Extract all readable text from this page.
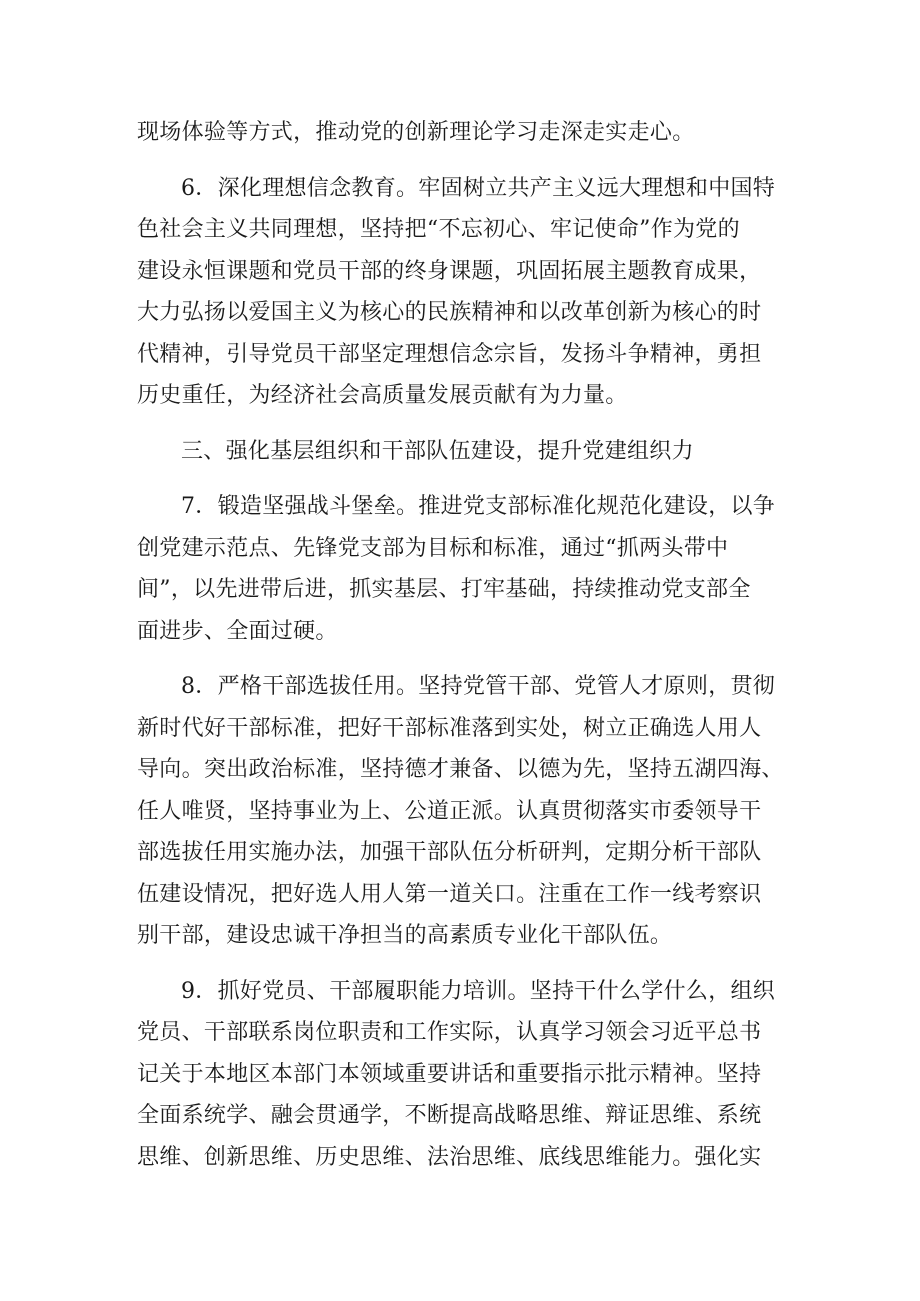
现场体验等方式，推动党的创新理论学习走深走实走心。
6．深化理想信念教育。牢固树立共产主义远大理想和中国特
色社会主义共同理想，坚持把“不忘初心、牢记使命”作为党的
建设永恒课题和党员干部的终身课题，巩固拓展主题教育成果，
大力弘扬以爱国主义为核心的民族精神和以改革创新为核心的时
代精神，引导党员干部坚定理想信念宗旨，发扬斗争精神，勇担
历史重任，为经济社会高质量发展贡献有为力量。
三、强化基层组织和干部队伍建设，提升党建组织力
7．锻造坚强战斗堡垒。推进党支部标准化规范化建设，以争
创党建示范点、先锋党支部为目标和标准，通过“抓两头带中
间”，以先进带后进，抓实基层、打牢基础，持续推动党支部全
面进步、全面过硬。
8．严格干部选拔任用。坚持党管干部、党管人才原则，贯彻
新时代好干部标准，把好干部标准落到实处，树立正确选人用人
导向。突出政治标准，坚持德才兼备、以德为先，坚持五湖四海、
任人唯贤，坚持事业为上、公道正派。认真贯彻落实市委领导干
部选拔任用实施办法，加强干部队伍分析研判，定期分析干部队
伍建设情况，把好选人用人第一道关口。注重在工作一线考察识
别干部，建设忠诚干净担当的高素质专业化干部队伍。
9．抓好党员、干部履职能力培训。坚持干什么学什么，组织
党员、干部联系岗位职责和工作实际，认真学习领会习近平总书
记关于本地区本部门本领域重要讲话和重要指示批示精神。坚持
全面系统学、融会贯通学，不断提高战略思维、辩证思维、系统
思维、创新思维、历史思维、法治思维、底线思维能力。强化实
